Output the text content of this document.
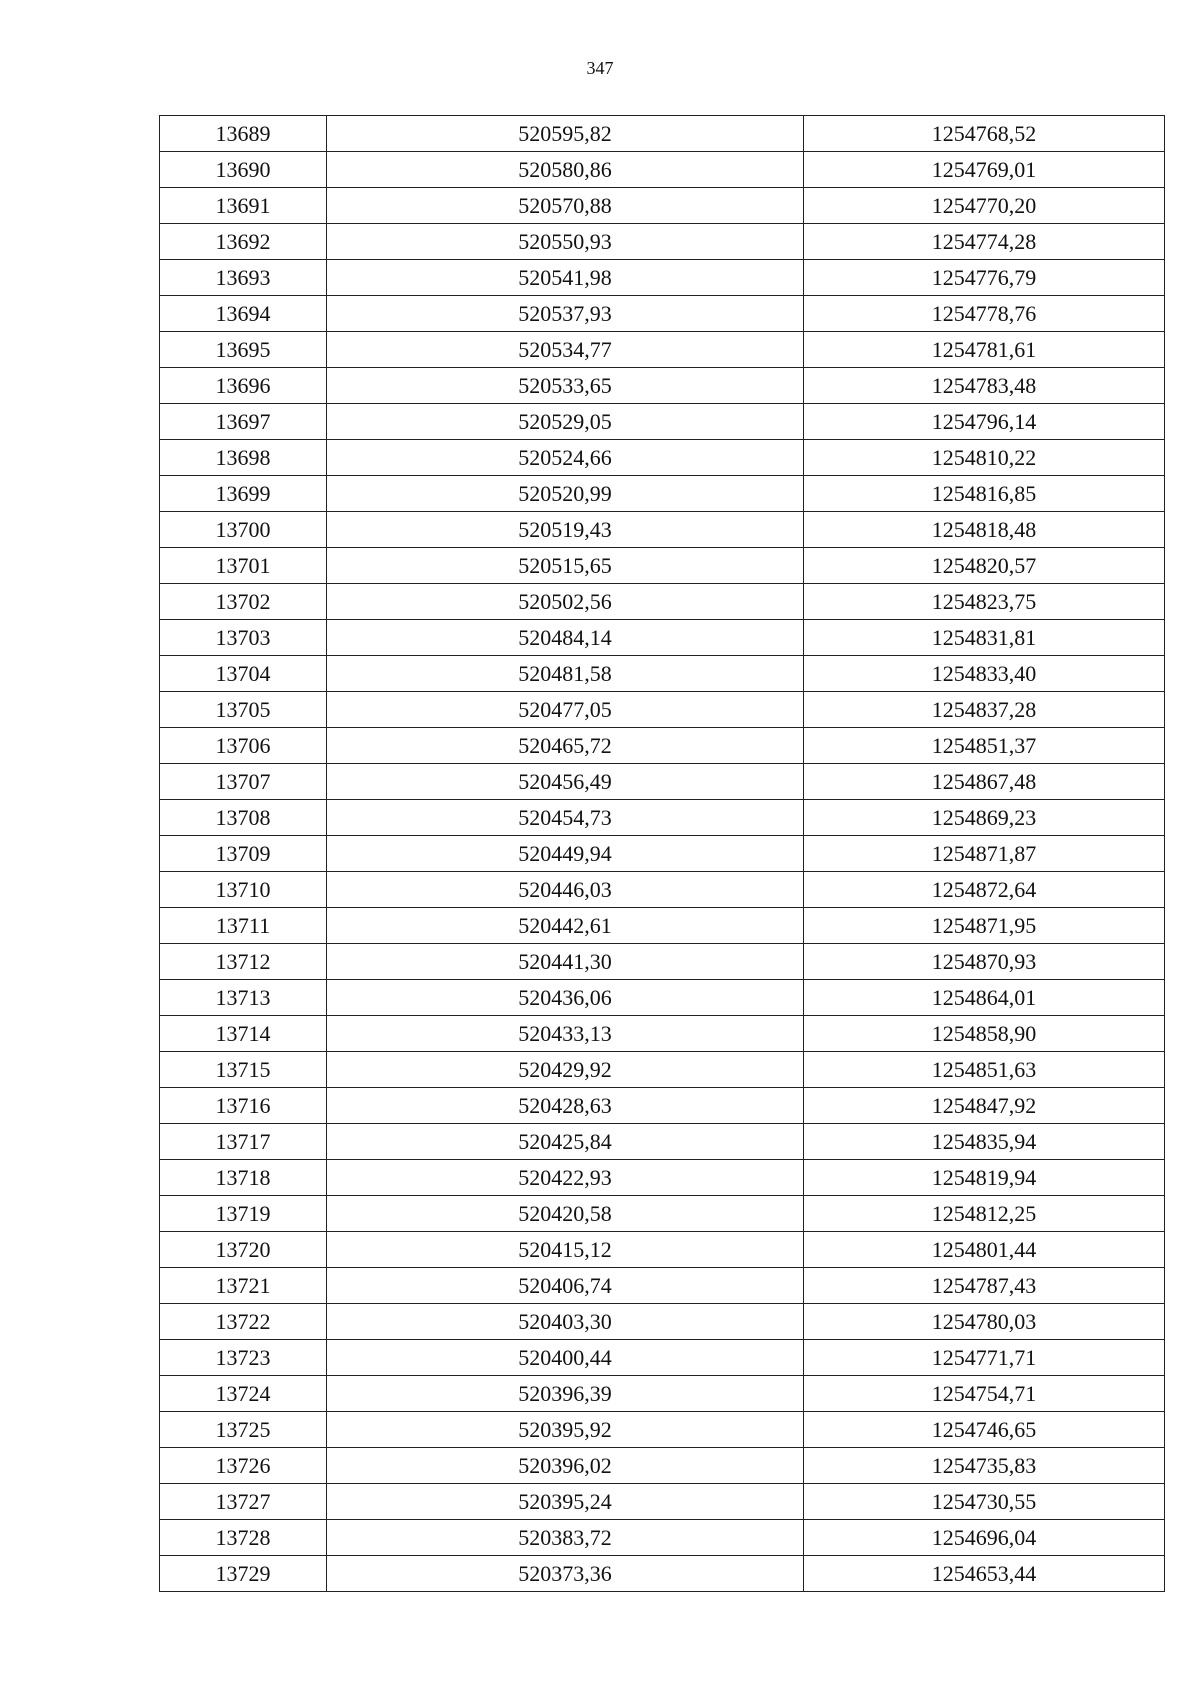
347
13689	520595,82	1254768,52
13690	520580,86	1254769,01
13691	520570,88	1254770,20
13692	520550,93	1254774,28
13693	520541,98	1254776,79
13694	520537,93	1254778,76
13695	520534,77	1254781,61
13696	520533,65	1254783,48
13697	520529,05	1254796,14
13698	520524,66	1254810,22
13699	520520,99	1254816,85
13700	520519,43	1254818,48
13701	520515,65	1254820,57
13702	520502,56	1254823,75
13703	520484,14	1254831,81
13704	520481,58	1254833,40
13705	520477,05	1254837,28
13706	520465,72	1254851,37
13707	520456,49	1254867,48
13708	520454,73	1254869,23
13709	520449,94	1254871,87
13710	520446,03	1254872,64
13711	520442,61	1254871,95
13712	520441,30	1254870,93
13713	520436,06	1254864,01
13714	520433,13	1254858,90
13715	520429,92	1254851,63
13716	520428,63	1254847,92
13717	520425,84	1254835,94
13718	520422,93	1254819,94
13719	520420,58	1254812,25
13720	520415,12	1254801,44
13721	520406,74	1254787,43
13722	520403,30	1254780,03
13723	520400,44	1254771,71
13724	520396,39	1254754,71
13725	520395,92	1254746,65
13726	520396,02	1254735,83
13727	520395,24	1254730,55
13728	520383,72	1254696,04
13729	520373,36	1254653,44
